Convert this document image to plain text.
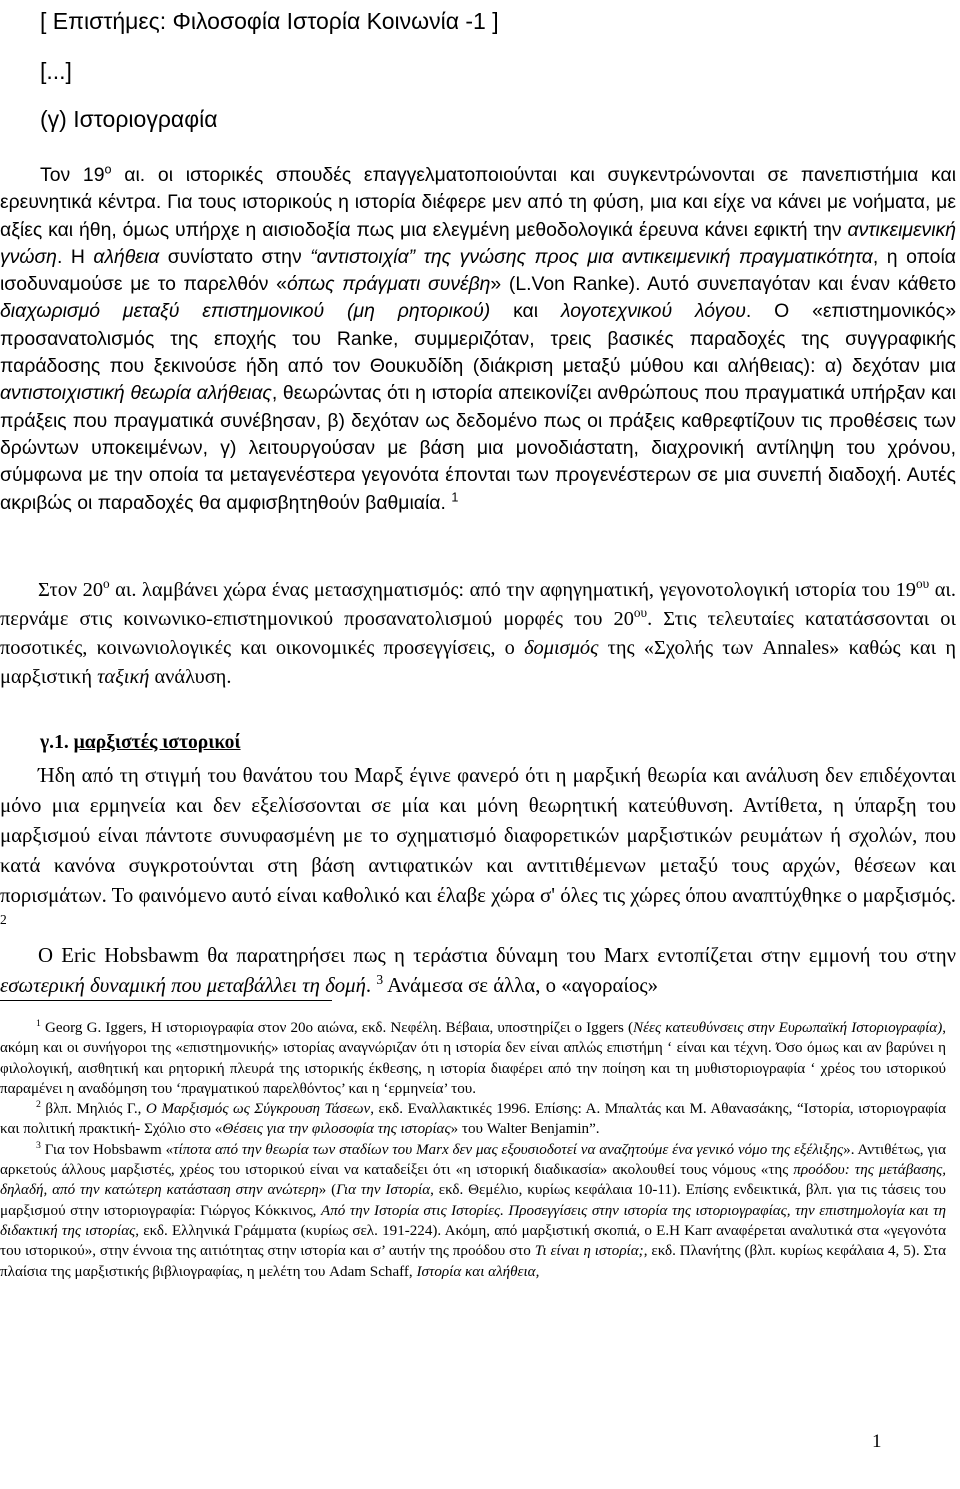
[ Επιστήμες: Φιλοσοφία Ιστορία Κοινωνία -1 ]

[...]

(γ) Ιστοριογραφία

Τον $19^o$ αι. οι ιστορικές σπουδές επαγγελματοποιούνται και συγκεντρώνονται σε πανεπιστήμια και ερευνητικά κέντρα. Για τους ιστορικούς η ιστορία διέφερε μεν από τη φύση, μια και είχε να κάνει με νοήματα, με αξίες και ήθη, όμως υπήρχε η αισιοδοξία πως μια ελεγμένη μεθοδολογικά έρευνα κάνει εφικτή την αντικειμενική γνώση. Η αλήθεια συνίστατο στην “αντιστοιχία” της γνώσης προς μια αντικειμενική πραγματικότητα, η οποία ισοδυναμούσε με το παρελθόν «όπως πράγματι συνέβη» (L.Von Ranke). Αυτό συνεπαγόταν και έναν κάθετο διαχωρισμό μεταξύ επιστημονικού (μη ρητορικού) και λογοτεχνικού λόγου. Ο «επιστημονικός» προσανατολισμός της εποχής του Ranke, συμμεριζόταν, τρεις βασικές παραδοχές της συγγραφικής παράδοσης που ξεκινούσε ήδη από τον Θουκυδίδη (διάκριση μεταξύ μύθου και αλήθειας): α) δεχόταν μια αντιστοιχιστική θεωρία αλήθειας, θεωρώντας ότι η ιστορία απεικονίζει ανθρώπους που πραγματικά υπήρξαν και πράξεις που πραγματικά συνέβησαν, β) δεχόταν ως δεδομένο πως οι πράξεις καθρεφτίζουν τις προθέσεις των δρώντων υποκειμένων, γ) λειτουργούσαν με βάση μια μονοδιάστατη, διαχρονική αντίληψη του χρόνου, σύμφωνα με την οποία τα μεταγενέστερα γεγονότα έπονται των προγενέστερων σε μια συνεπή διαδοχή. Αυτές ακριβώς οι παραδοχές θα αμφισβητηθούν βαθμιαία. $^1$

Στον $20^o$ αι. λαμβάνει χώρα ένας μετασχηματισμός: από την αφηγηματική, γεγονοτολογική ιστορία του $19^{o\upsilon}$ αι. περνάμε στις κοινωνικο-επιστημονικού προσανατολισμού μορφές του $20^{o\upsilon}$. Στις τελευταίες κατατάσσονται οι ποσοτικές, κοινωνιολογικές και οικονομικές προσεγγίσεις, ο δομισμός της «Σχολής των Annales» καθώς και η μαρξιστική ταξική ανάλυση.

γ.1. μαρξιστές ιστορικοί

Ήδη από τη στιγμή του θανάτου του Μαρξ έγινε φανερό ότι η μαρξική θεωρία και ανάλυση δεν επιδέχονται μόνο μια ερμηνεία και δεν εξελίσσονται σε μία και μόνη θεωρητική κατεύθυνση. Αντίθετα, η ύπαρξη του μαρξισμού είναι πάντοτε συνυφασμένη με το σχηματισμό διαφορετικών μαρξιστικών ρευμάτων ή σχολών, που κατά κανόνα συγκροτούνται στη βάση αντιφατικών και αντιτιθέμενων μεταξύ τους αρχών, θέσεων και πορισμάτων. Το φαινόμενο αυτό είναι καθολικό και έλαβε χώρα σ' όλες τις χώρες όπου αναπτύχθηκε ο μαρξισμός. $^2$

Ο Eric Hobsbawm θα παρατηρήσει πως η τεράστια δύναμη του Marx εντοπίζεται στην εμμονή του στην εσωτερική δυναμική που μεταβάλλει τη δομή. $^3$ Ανάμεσα σε άλλα, ο «αγοραίος»

$^1$ Georg G. Iggers, Η ιστοριογραφία στον 20ο αιώνα, εκδ. Νεφέλη. Βέβαια, υποστηρίζει ο Iggers (Νέες κατευθύνσεις στην Ευρωπαϊκή Ιστοριογραφία), ακόμη και οι συνήγοροι της «επιστημονικής» ιστορίας αναγνώριζαν ότι η ιστορία δεν είναι απλώς επιστήμη ‘ είναι και τέχνη. Όσο όμως και αν βαρύνει η φιλολογική, αισθητική και ρητορική πλευρά της ιστορικής έκθεσης, η ιστορία διαφέρει από την ποίηση και τη μυθιστοριογραφία ‘ χρέος του ιστορικού παραμένει η αναδόμηση του ‘πραγματικού παρελθόντος’ και η ‘ερμηνεία’ του.

$^2$ βλπ. Μηλιός Γ., Ο Μαρξισμός ως Σύγκρουση Τάσεων, εκδ. Εναλλακτικές 1996. Επίσης: Α. Μπαλτάς και Μ. Αθανασάκης, “Ιστορία, ιστοριογραφία και πολιτική πρακτική- Σχόλιο στο «Θέσεις για την φιλοσοφία της ιστορίας» του Walter Benjamin”.

$^3$ Για τον Hobsbawm «τίποτα από την θεωρία των σταδίων του Marx δεν μας εξουσιοδοτεί να αναζητούμε ένα γενικό νόμο της εξέλιξης». Αντιθέτως, για αρκετούς άλλους μαρξιστές, χρέος του ιστορικού είναι να καταδείξει ότι «η ιστορική διαδικασία» ακολουθεί τους νόμους «της προόδου: της μετάβασης, δηλαδή, από την κατώτερη κατάσταση στην ανώτερη» (Για την Ιστορία, εκδ. Θεμέλιο, κυρίως κεφάλαια 10-11). Επίσης ενδεικτικά, βλπ. για τις τάσεις του μαρξισμού στην ιστοριογραφία: Γιώργος Κόκκινος, Από την Ιστορία στις Ιστορίες. Προσεγγίσεις στην ιστορία της ιστοριογραφίας, την επιστημολογία και τη διδακτική της ιστορίας, εκδ. Ελληνικά Γράμματα (κυρίως σελ. 191-224). Ακόμη, από μαρξιστική σκοπιά, ο Ε.Η Karr αναφέρεται αναλυτικά στα «γεγονότα του ιστορικού», στην έννοια της αιτιότητας στην ιστορία και σ’ αυτήν της προόδου στο Τι είναι η ιστορία;, εκδ. Πλανήτης (βλπ. κυρίως κεφάλαια 4, 5). Στα πλαίσια της μαρξιστικής βιβλιογραφίας, η μελέτη του Adam Schaff, Ιστορία και αλήθεια,

1
